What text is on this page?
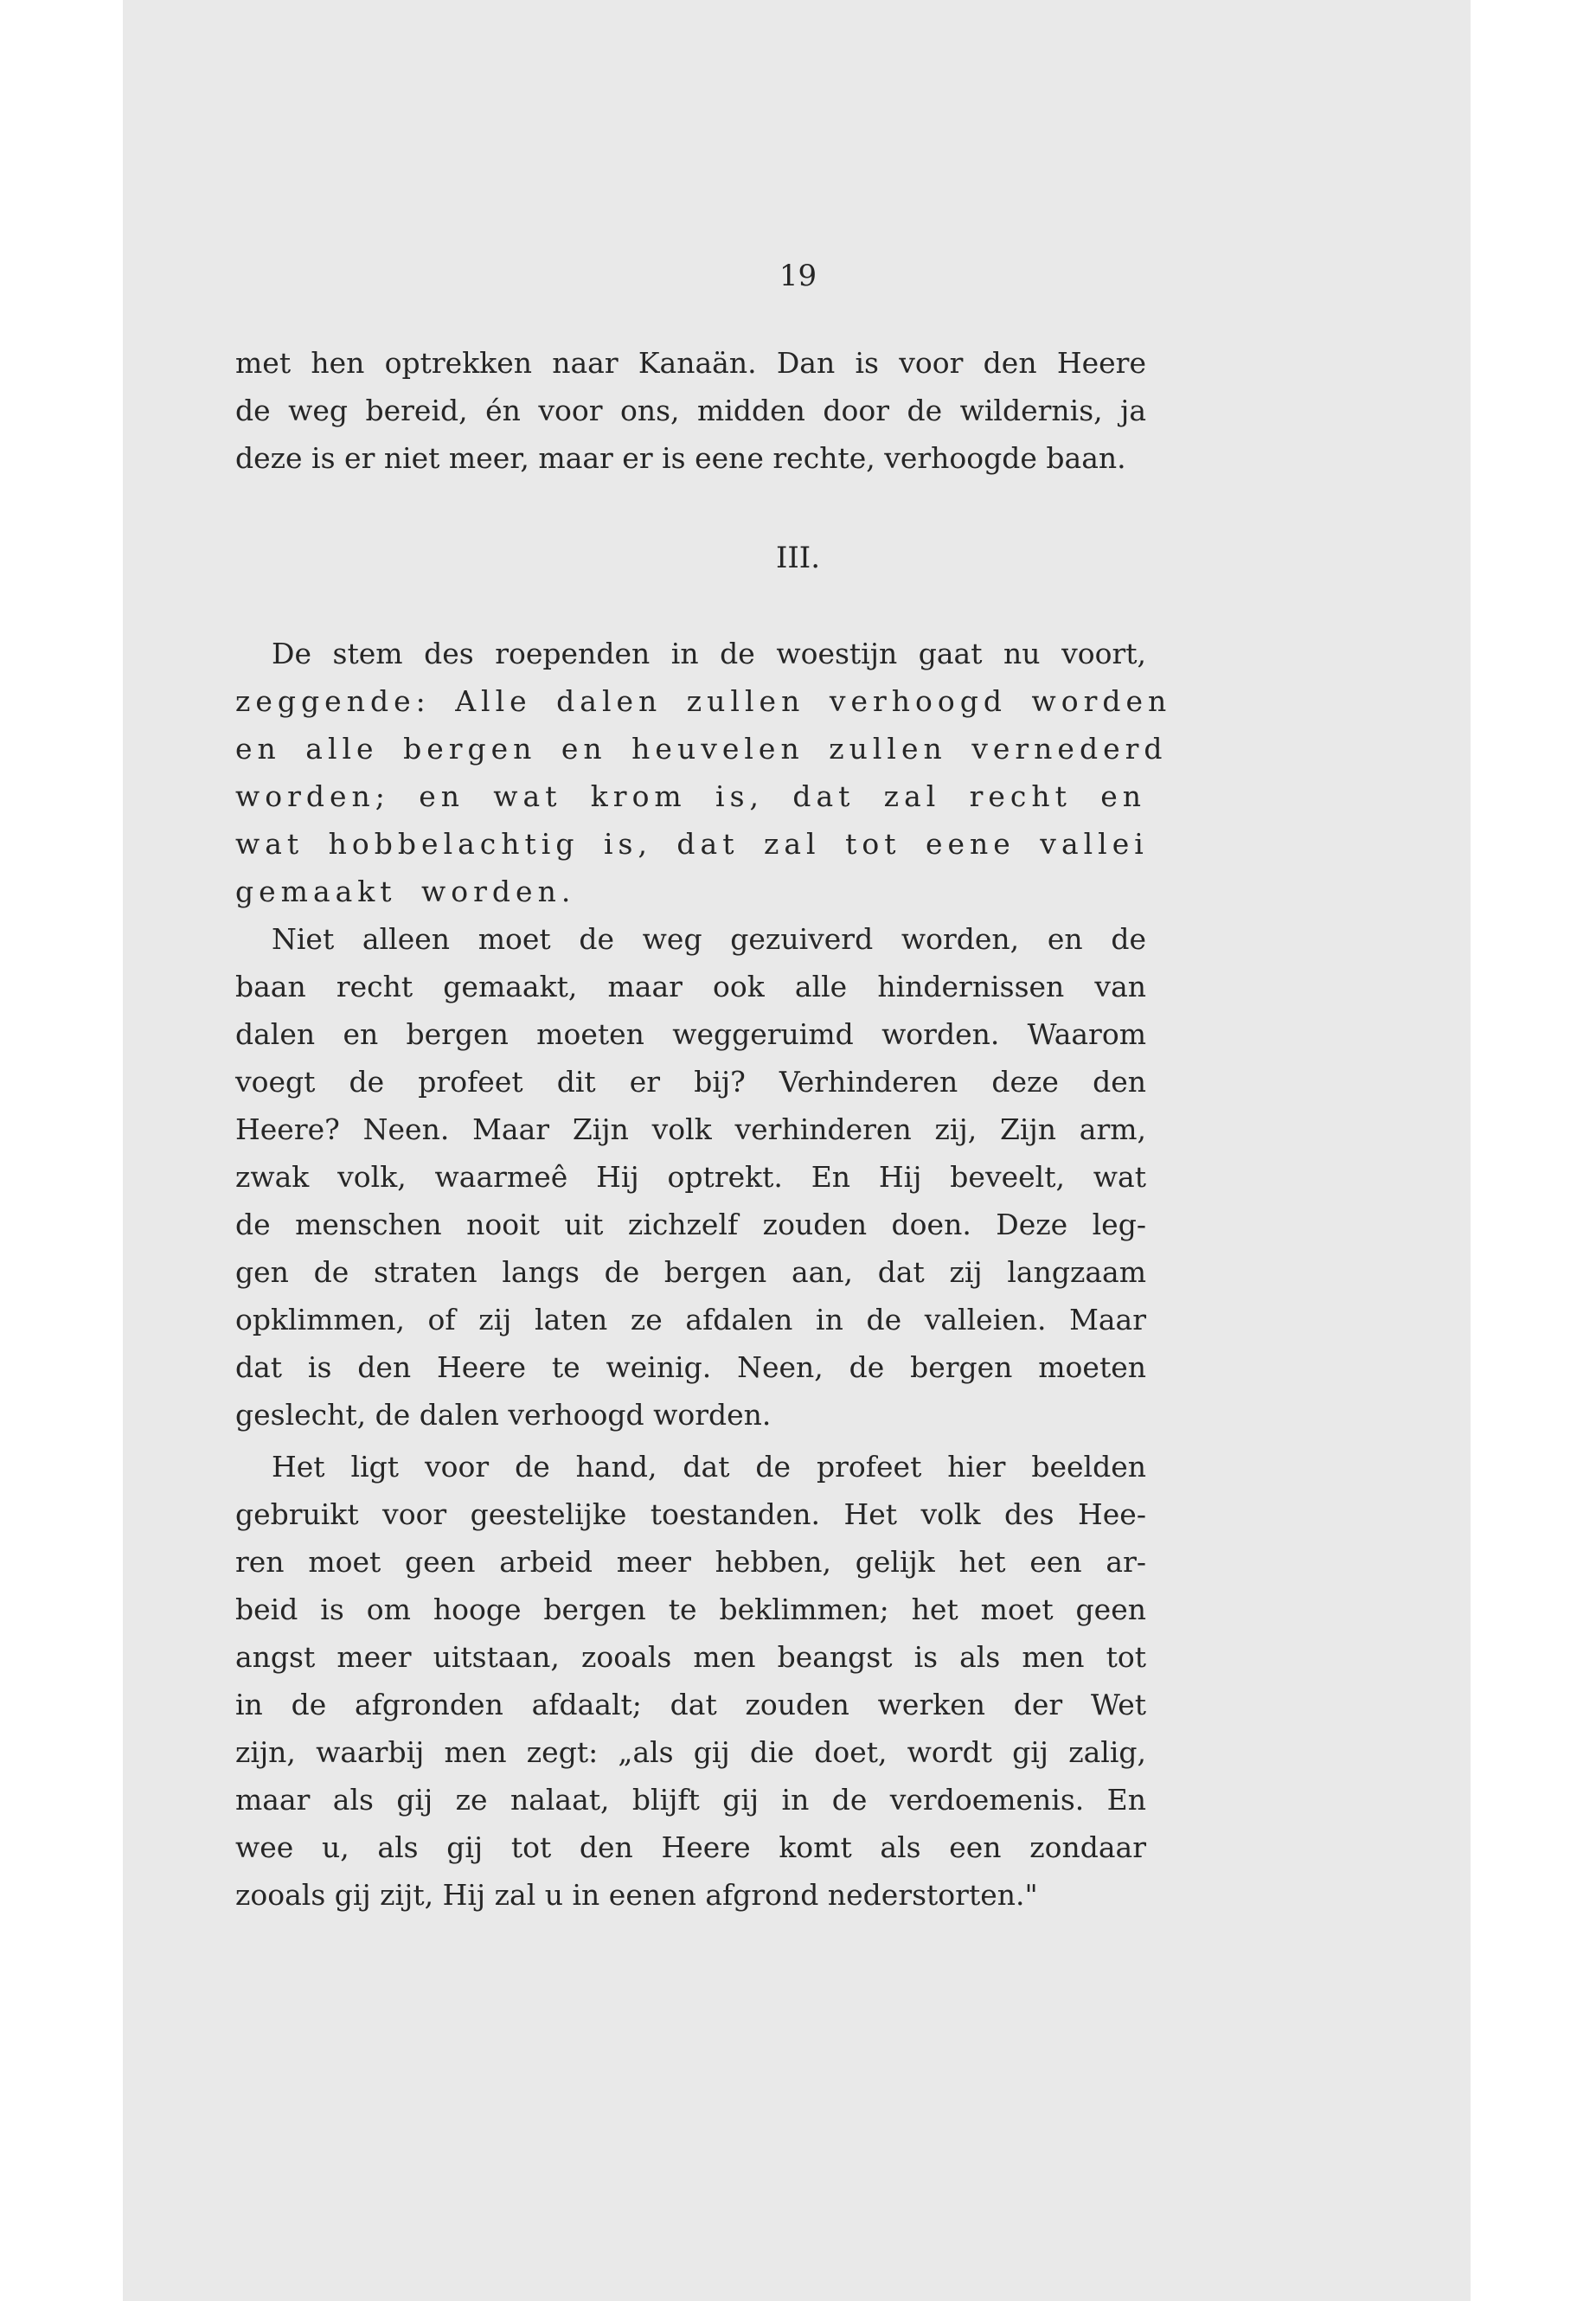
19
met hen optrekken naar Kanaän. Dan is voor den Heere
de weg bereid, én voor ons, midden door de wildernis, ja
deze is er niet meer, maar er is eene rechte, verhoogde baan.
III.
De stem des roependen in de woestijn gaat nu voort,
zeggende: Alle dalen zullen verhoogd worden
en alle bergen en heuvelen zullen vernederd
worden; en wat krom is, dat zal recht en
wat hobbelachtig is, dat zal tot eene vallei
gemaakt worden.
Niet alleen moet de weg gezuiverd worden, en de
baan recht gemaakt, maar ook alle hindernissen van
dalen en bergen moeten weggeruimd worden. Waarom
voegt de profeet dit er bij? Verhinderen deze den
Heere? Neen. Maar Zijn volk verhinderen zij, Zijn arm,
zwak volk, waarmeê Hij optrekt. En Hij beveelt, wat
de menschen nooit uit zichzelf zouden doen. Deze leg-
gen de straten langs de bergen aan, dat zij langzaam
opklimmen, of zij laten ze afdalen in de valleien. Maar
dat is den Heere te weinig. Neen, de bergen moeten
geslecht, de dalen verhoogd worden.
Het ligt voor de hand, dat de profeet hier beelden
gebruikt voor geestelijke toestanden. Het volk des Hee-
ren moet geen arbeid meer hebben, gelijk het een ar-
beid is om hooge bergen te beklimmen; het moet geen
angst meer uitstaan, zooals men beangst is als men tot
in de afgronden afdaalt; dat zouden werken der Wet
zijn, waarbij men zegt: „als gij die doet, wordt gij zalig,
maar als gij ze nalaat, blijft gij in de verdoemenis. En
wee u, als gij tot den Heere komt als een zondaar
zooals gij zijt, Hij zal u in eenen afgrond nederstorten."
